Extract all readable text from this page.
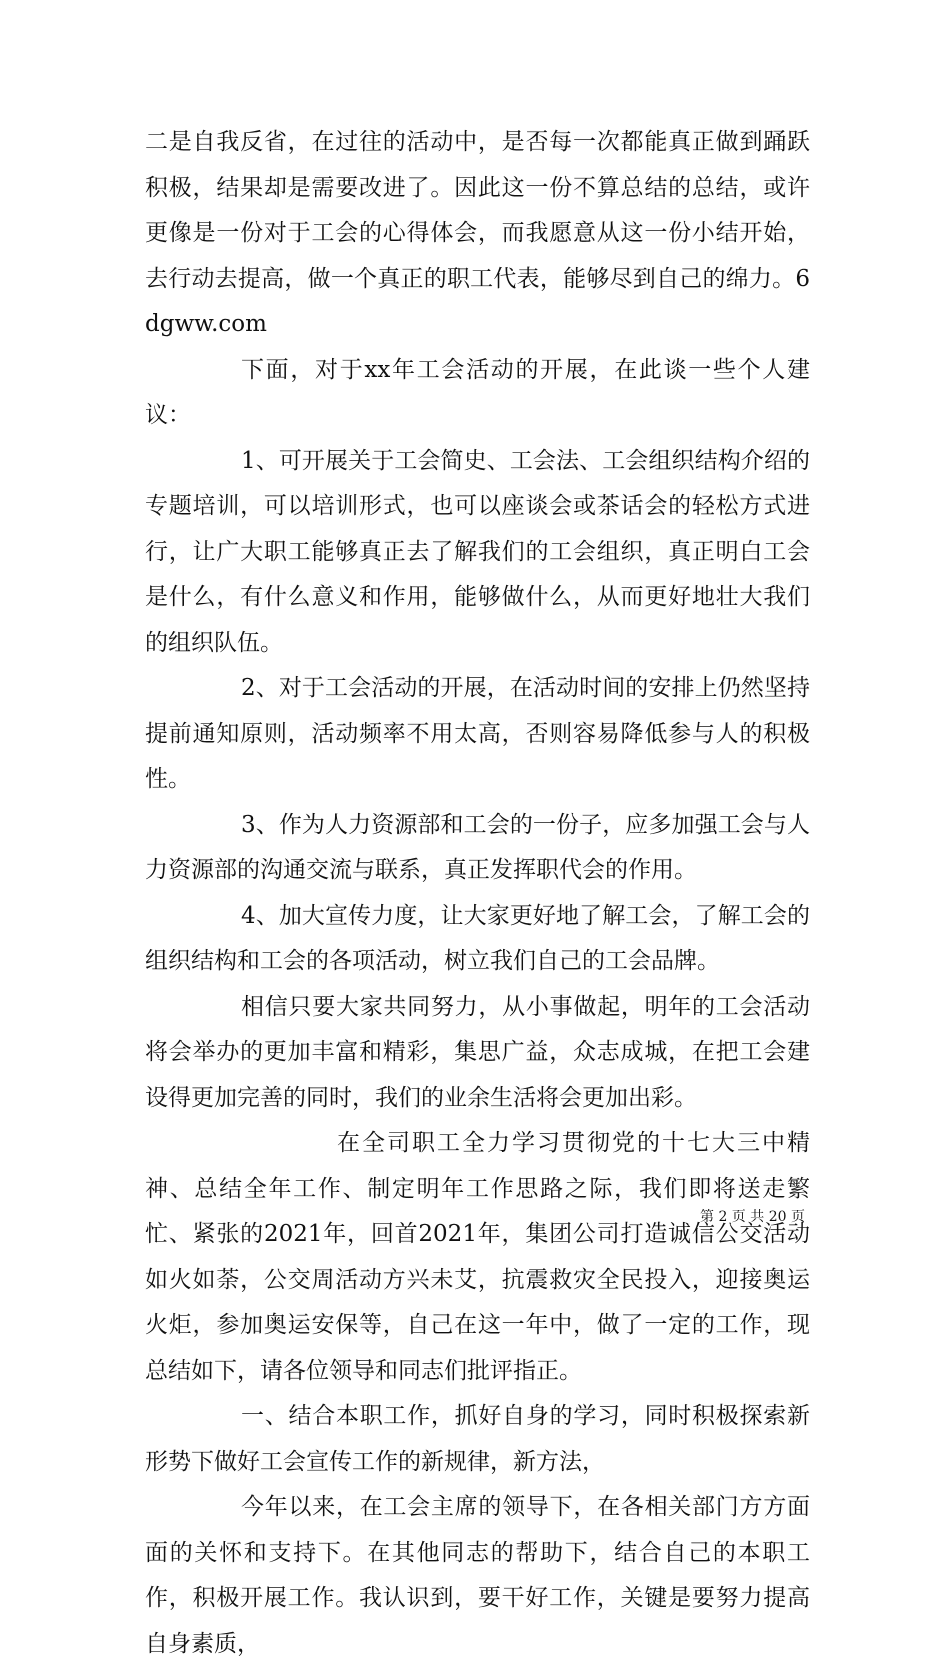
二是自我反省，在过往的活动中，是否每一次都能真正做到踊跃积极，结果却是需要改进了。因此这一份不算总结的总结，或许更像是一份对于工会的心得体会，而我愿意从这一份小结开始，去行动去提高，做一个真正的职工代表，能够尽到自己的绵力。6dgww.com

下面，对于xx年工会活动的开展，在此谈一些个人建议：

1、可开展关于工会简史、工会法、工会组织结构介绍的专题培训，可以培训形式，也可以座谈会或茶话会的轻松方式进行，让广大职工能够真正去了解我们的工会组织，真正明白工会是什么，有什么意义和作用，能够做什么，从而更好地壮大我们的组织队伍。

2、对于工会活动的开展，在活动时间的安排上仍然坚持提前通知原则，活动频率不用太高，否则容易降低参与人的积极性。

3、作为人力资源部和工会的一份子，应多加强工会与人力资源部的沟通交流与联系，真正发挥职代会的作用。

4、加大宣传力度，让大家更好地了解工会，了解工会的组织结构和工会的各项活动，树立我们自己的工会品牌。

相信只要大家共同努力，从小事做起，明年的工会活动将会举办的更加丰富和精彩，集思广益，众志成城，在把工会建设得更加完善的同时，我们的业余生活将会更加出彩。

在全司职工全力学习贯彻党的十七大三中精神、总结全年工作、制定明年工作思路之际，我们即将送走繁忙、紧张的2021年，回首2021年，集团公司打造诚信公交活动如火如荼，公交周活动方兴未艾，抗震救灾全民投入，迎接奥运火炬，参加奥运安保等，自己在这一年中，做了一定的工作，现总结如下，请各位领导和同志们批评指正。

一、结合本职工作，抓好自身的学习，同时积极探索新形势下做好工会宣传工作的新规律，新方法，

今年以来，在工会主席的领导下，在各相关部门方方面面的关怀和支持下。在其他同志的帮助下，结合自己的本职工作，积极开展工作。我认识到，要干好工作，关键是要努力提高自身素质，

第 2 页 共 20 页
